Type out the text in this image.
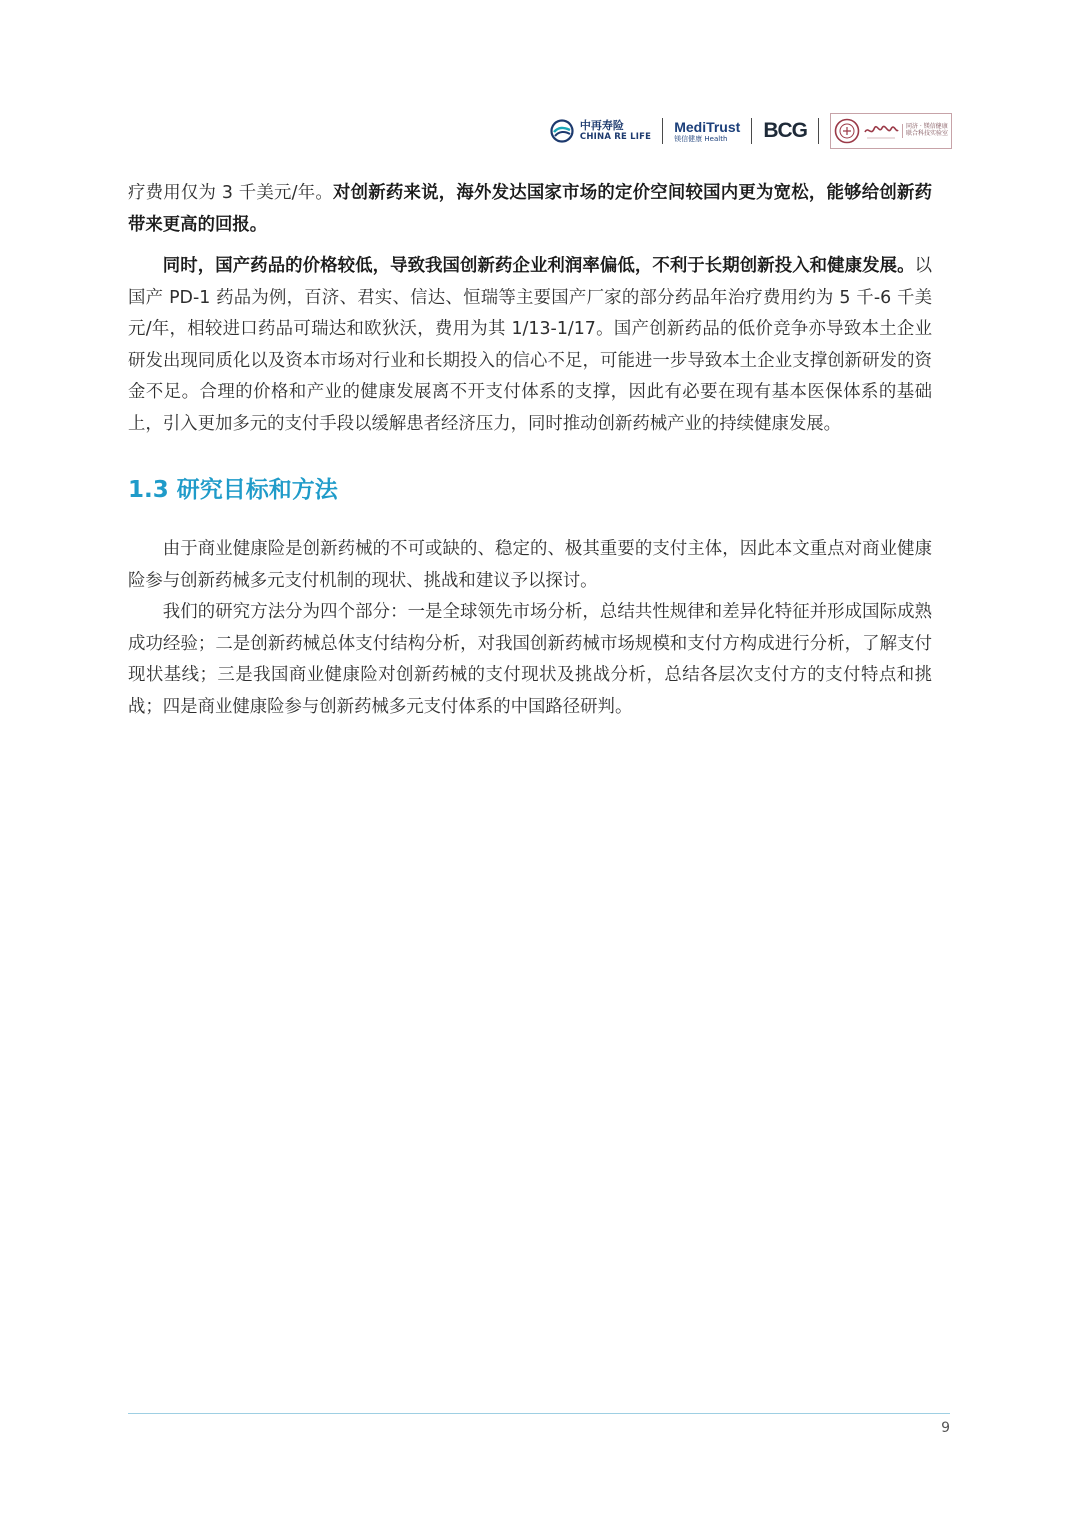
中再寿险
CHINA RE LIFE
MediTrust
镁信健康 Health	BCG	同济 · 镁信健康
联合科技实验室

疗费用仅为 3 千美元/年。对创新药来说，海外发达国家市场的定价空间较国内更为宽松，能够给创新药带来更高的回报。

同时，国产药品的价格较低，导致我国创新药企业利润率偏低，不利于长期创新投入和健康发展。以国产 PD-1 药品为例，百济、君实、信达、恒瑞等主要国产厂家的部分药品年治疗费用约为 5 千-6 千美元/年，相较进口药品可瑞达和欧狄沃，费用为其 1/13-1/17。国产创新药品的低价竞争亦导致本土企业研发出现同质化以及资本市场对行业和长期投入的信心不足，可能进一步导致本土企业支撑创新研发的资金不足。合理的价格和产业的健康发展离不开支付体系的支撑，因此有必要在现有基本医保体系的基础上，引入更加多元的支付手段以缓解患者经济压力，同时推动创新药械产业的持续健康发展。

1.3 研究目标和方法

由于商业健康险是创新药械的不可或缺的、稳定的、极其重要的支付主体，因此本文重点对商业健康险参与创新药械多元支付机制的现状、挑战和建议予以探讨。

我们的研究方法分为四个部分：一是全球领先市场分析，总结共性规律和差异化特征并形成国际成熟成功经验；二是创新药械总体支付结构分析，对我国创新药械市场规模和支付方构成进行分析，了解支付现状基线；三是我国商业健康险对创新药械的支付现状及挑战分析，总结各层次支付方的支付特点和挑战；四是商业健康险参与创新药械多元支付体系的中国路径研判。

9
